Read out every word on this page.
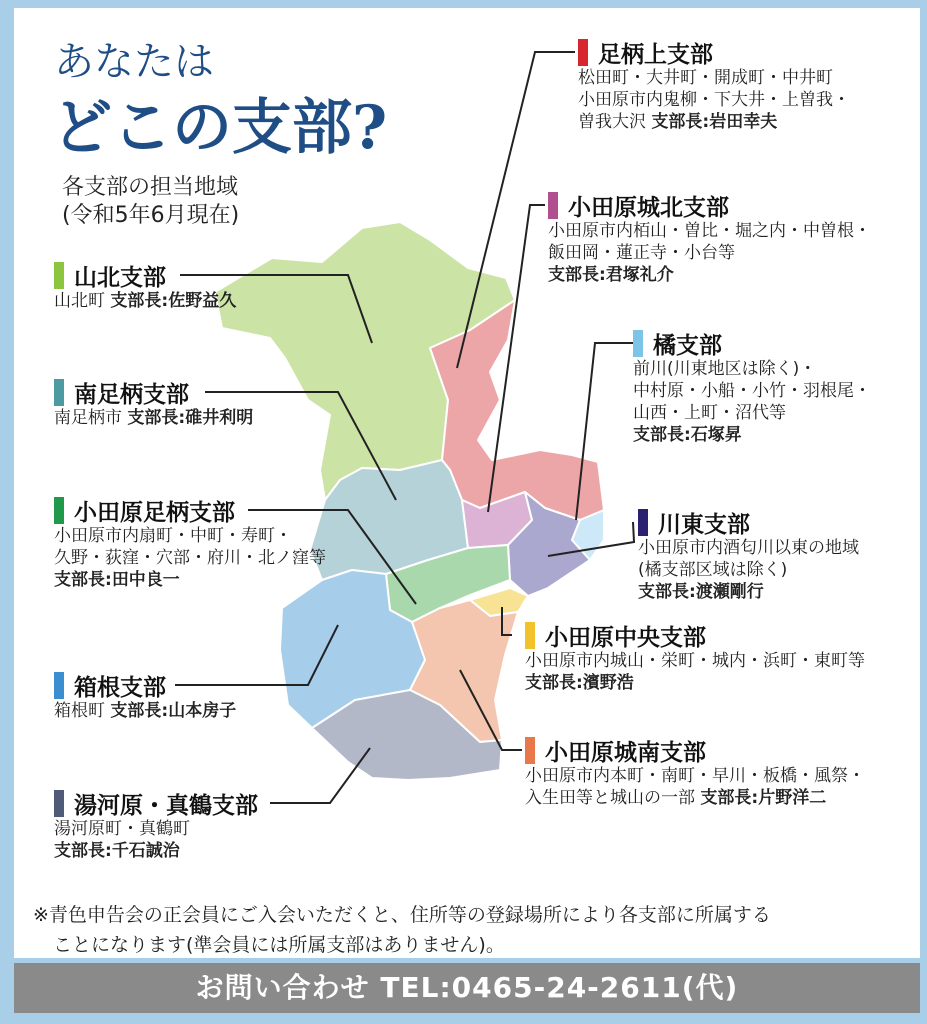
あなたは
どこの支部?
各支部の担当地域
(令和5年6月現在)
山北支部
山北町 支部長:佐野益久
南足柄支部
南足柄市 支部長:碓井利明
小田原足柄支部
小田原市内扇町・中町・寿町・
久野・荻窪・穴部・府川・北ノ窪等
支部長:田中良一
箱根支部
箱根町 支部長:山本房子
湯河原・真鶴支部
湯河原町・真鶴町
支部長:千石誠治
足柄上支部
松田町・大井町・開成町・中井町
小田原市内鬼柳・下大井・上曽我・
曽我大沢 支部長:岩田幸夫
小田原城北支部
小田原市内栢山・曽比・堀之内・中曽根・
飯田岡・蓮正寺・小台等
支部長:君塚礼介
橘支部
前川(川東地区は除く)・
中村原・小船・小竹・羽根尾・
山西・上町・沼代等
支部長:石塚昇
川東支部
小田原市内酒匂川以東の地域
(橘支部区域は除く)
支部長:渡瀬剛行
小田原中央支部
小田原市内城山・栄町・城内・浜町・東町等
支部長:濱野浩
小田原城南支部
小田原市内本町・南町・早川・板橋・風祭・
入生田等と城山の一部 支部長:片野洋二
※青色申告会の正会員にご入会いただくと、住所等の登録場所により各支部に所属する
ことになります(準会員には所属支部はありません)。
お問い合わせ TEL:0465-24-2611(代)
